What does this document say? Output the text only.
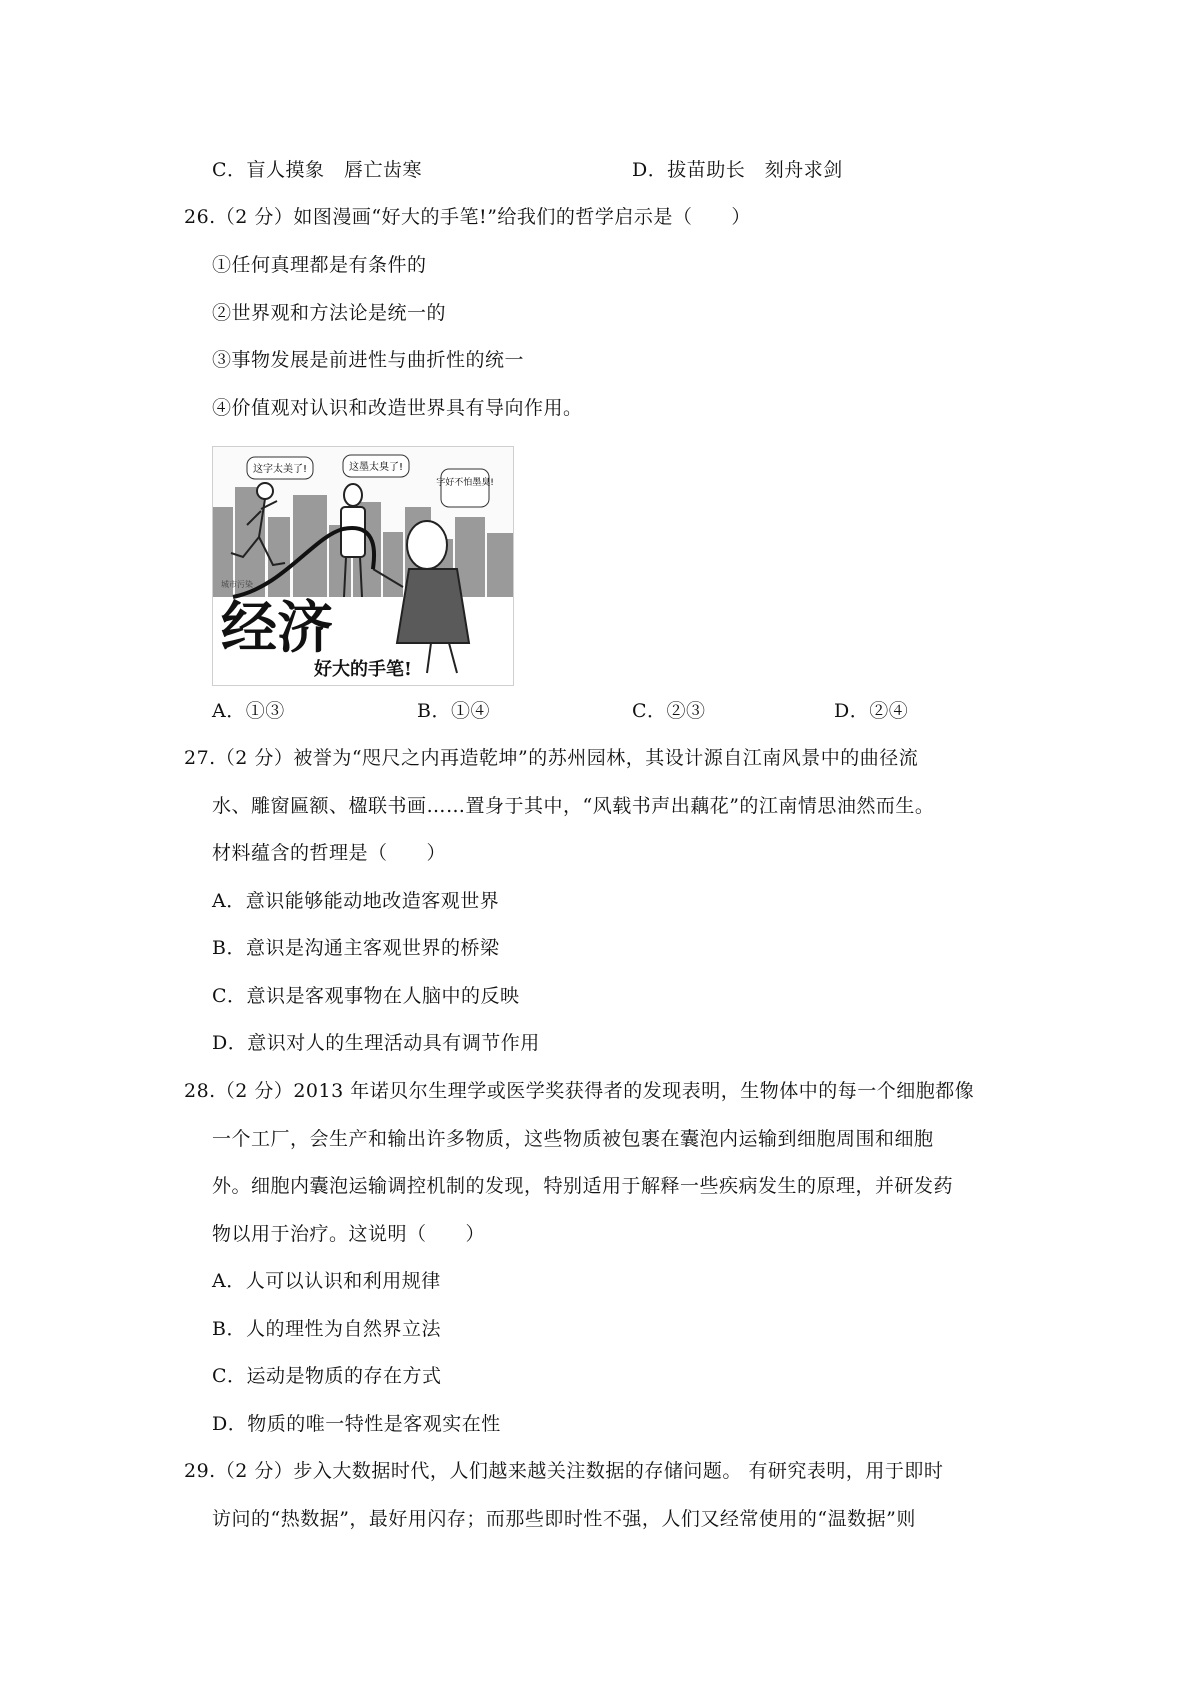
C．盲人摸象　唇亡齿寒	D．拔苗助长　刻舟求剑
26.（2 分）如图漫画“好大的手笔!”给我们的哲学启示是（　　）
①任何真理都是有条件的
②世界观和方法论是统一的
③事物发展是前进性与曲折性的统一
④价值观对认识和改造世界具有导向作用。
这字太美了!	这墨太臭了!
字好不怕墨臭!
城市污染
经济
好大的手笔!
A．①③	B．①④	C．②③	D．②④
27.（2 分）被誉为“咫尺之内再造乾坤”的苏州园林，其设计源自江南风景中的曲径流
水、雕窗匾额、楹联书画……置身于其中，“风载书声出藕花”的江南情思油然而生。
材料蕴含的哲理是（　　）
A．意识能够能动地改造客观世界
B．意识是沟通主客观世界的桥梁
C．意识是客观事物在人脑中的反映
D．意识对人的生理活动具有调节作用
28.（2 分）2013 年诺贝尔生理学或医学奖获得者的发现表明，生物体中的每一个细胞都像
一个工厂，会生产和输出许多物质，这些物质被包裹在囊泡内运输到细胞周围和细胞
外。细胞内囊泡运输调控机制的发现，特别适用于解释一些疾病发生的原理，并研发药
物以用于治疗。这说明（　　）
A．人可以认识和利用规律
B．人的理性为自然界立法
C．运动是物质的存在方式
D．物质的唯一特性是客观实在性
29.（2 分）步入大数据时代，人们越来越关注数据的存储问题。 有研究表明，用于即时
访问的“热数据”，最好用闪存；而那些即时性不强，人们又经常使用的“温数据”则
